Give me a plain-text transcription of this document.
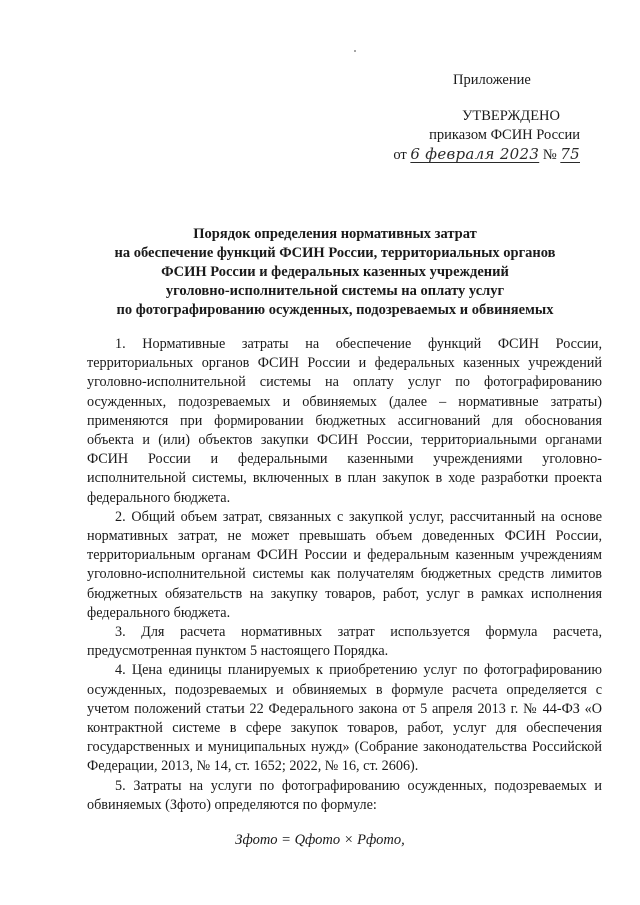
Приложение
УТВЕРЖДЕНО
приказом ФСИН России
от 6 февраля 2023 № 75
Порядок определения нормативных затрат
на обеспечение функций ФСИН России, территориальных органов
ФСИН России и федеральных казенных учреждений
уголовно-исполнительной системы на оплату услуг
по фотографированию осужденных, подозреваемых и обвиняемых

1. Нормативные затраты на обеспечение функций ФСИН России, территориальных органов ФСИН России и федеральных казенных учреждений уголовно-исполнительной системы на оплату услуг по фотографированию осужденных, подозреваемых и обвиняемых (далее – нормативные затраты) применяются при формировании бюджетных ассигнований для обоснования объекта и (или) объектов закупки ФСИН России, территориальными органами ФСИН России и федеральными казенными учреждениями уголовно-исполнительной системы, включенных в план закупок в ходе разработки проекта федерального бюджета.

2. Общий объем затрат, связанных с закупкой услуг, рассчитанный на основе нормативных затрат, не может превышать объем доведенных ФСИН России, территориальным органам ФСИН России и федеральным казенным учреждениям уголовно-исполнительной системы как получателям бюджетных средств лимитов бюджетных обязательств на закупку товаров, работ, услуг в рамках исполнения федерального бюджета.

3. Для расчета нормативных затрат используется формула расчета, предусмотренная пунктом 5 настоящего Порядка.

4. Цена единицы планируемых к приобретению услуг по фотографированию осужденных, подозреваемых и обвиняемых в формуле расчета определяется с учетом положений статьи 22 Федерального закона от 5 апреля 2013 г. № 44-ФЗ «О контрактной системе в сфере закупок товаров, работ, услуг для обеспечения государственных и муниципальных нужд» (Собрание законодательства Российской Федерации, 2013, № 14, ст. 1652; 2022, № 16, ст. 2606).

5. Затраты на услуги по фотографированию осужденных, подозреваемых и обвиняемых (Зфото) определяются по формуле:

Зфото = Qфото × Pфото,
